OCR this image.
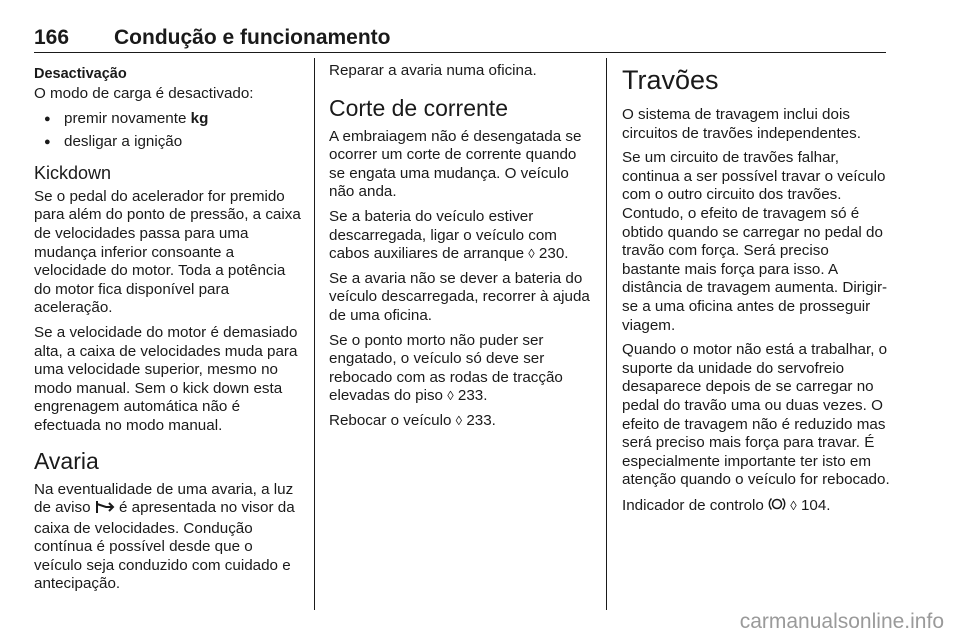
166 Condução e funcionamento
Desactivação

O modo de carga é desactivado:

● premir novamente kg

● desligar a ignição

Kickdown

Se o pedal do acelerador for premido para além do ponto de pressão, a caixa de velocidades passa para uma mudança inferior consoante a velocidade do motor. Toda a potência do motor fica disponível para aceleração.

Se a velocidade do motor é demasiado alta, a caixa de velocidades muda para uma velocidade superior, mesmo no modo manual. Sem o kick down esta engrenagem automática não é efectuada no modo manual.

Avaria

Na eventualidade de uma avaria, a luz de aviso  é apresentada no visor da caixa de velocidades. Condução contínua é possível desde que o veículo seja conduzido com cuidado e antecipação.

Reparar a avaria numa oficina.

Corte de corrente

A embraiagem não é desengatada se ocorrer um corte de corrente quando se engata uma mudança. O veículo não anda.

Se a bateria do veículo estiver descarregada, ligar o veículo com cabos auxiliares de arranque ◊ 230.

Se a avaria não se dever a bateria do veículo descarregada, recorrer à ajuda de uma oficina.

Se o ponto morto não puder ser engatado, o veículo só deve ser rebocado com as rodas de tracção elevadas do piso ◊ 233.

Rebocar o veículo ◊ 233.

Travões

O sistema de travagem inclui dois circuitos de travões independentes.

Se um circuito de travões falhar, continua a ser possível travar o veículo com o outro circuito dos travões. Contudo, o efeito de travagem só é obtido quando se carregar no pedal do travão com força. Será preciso bastante mais força para isso. A distância de travagem aumenta. Dirigir-se a uma oficina antes de prosseguir viagem.

Quando o motor não está a trabalhar, o suporte da unidade do servofreio desaparece depois de se carregar no pedal do travão uma ou duas vezes. O efeito de travagem não é reduzido mas será preciso mais força para travar. É especialmente importante ter isto em atenção quando o veículo for rebocado.

Indicador de controlo  ◊ 104.

carmanualsonline.info
